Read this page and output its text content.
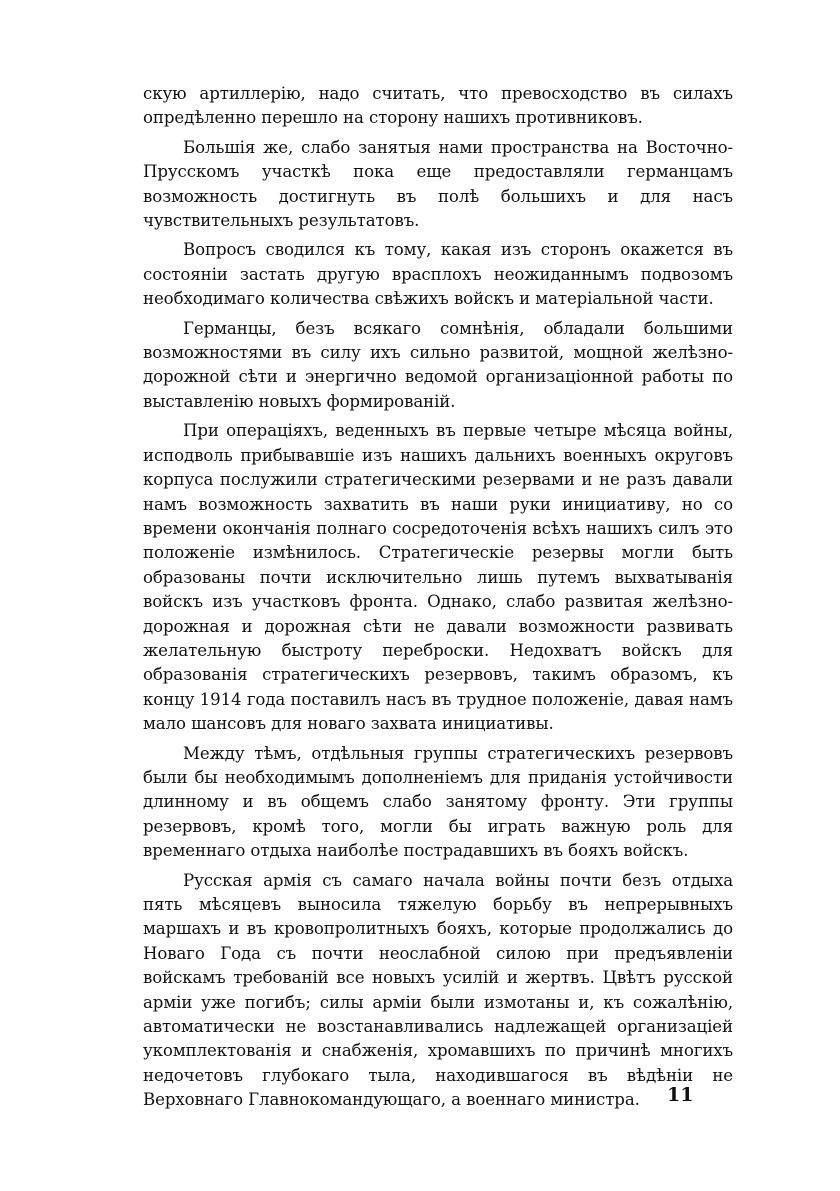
скую артиллерію, надо считать, что превосходство въ силахъ опредѣленно перешло на сторону нашихъ противниковъ.

Большія же, слабо занятыя нами пространства на Восточно-Прусскомъ участкѣ пока еще предоставляли германцамъ возможность достигнуть въ полѣ большихъ и для насъ чувствительныхъ результатовъ.

Вопросъ сводился къ тому, какая изъ сторонъ окажется въ состояніи застать другую врасплохъ неожиданнымъ подвозомъ необходимаго количества свѣжихъ войскъ и матеріальной части.

Германцы, безъ всякаго сомнѣнія, обладали большими возможностями въ силу ихъ сильно развитой, мощной желѣзно-дорожной сѣти и энергично ведомой организаціонной работы по выставленію новыхъ формированій.

При операціяхъ, веденныхъ въ первые четыре мѣсяца войны, исподволь прибывавшіе изъ нашихъ дальнихъ военныхъ округовъ корпуса послужили стратегическими резервами и не разъ давали намъ возможность захватить въ наши руки инициативу, но со времени окончанія полнаго сосредоточенія всѣхъ нашихъ силъ это положеніе измѣнилось. Стратегическіе резервы могли быть образованы почти исключительно лишь путемъ выхватыванія войскъ изъ участковъ фронта. Однако, слабо развитая желѣзно-дорожная и дорожная сѣти не давали возможности развивать желательную быстроту переброски. Недохватъ войскъ для образованія стратегическихъ резервовъ, такимъ образомъ, къ концу 1914 года поставилъ насъ въ трудное положеніе, давая намъ мало шансовъ для новаго захвата инициативы.

Между тѣмъ, отдѣльныя группы стратегическихъ резервовъ были бы необходимымъ дополненіемъ для приданія устойчивости длинному и въ общемъ слабо занятому фронту. Эти группы резервовъ, кромѣ того, могли бы играть важную роль для временнаго отдыха наиболѣе пострадавшихъ въ бояхъ войскъ.

Русская армія съ самаго начала войны почти безъ отдыха пять мѣсяцевъ выносила тяжелую борьбу въ непрерывныхъ маршахъ и въ кровопролитныхъ бояхъ, которые продолжались до Новаго Года съ почти неослабной силою при предъявленіи войскамъ требованій все новыхъ усилій и жертвъ. Цвѣтъ русской арміи уже погибъ; силы арміи были измотаны и, къ сожалѣнію, автоматически не возстанавливались надлежащей организаціей укомплектованія и снабженія, хромавшихъ по причинѣ многихъ недочетовъ глубокаго тыла, находившагося въ вѣдѣніи не Верховнаго Главнокомандующаго, а военнаго министра.	11
